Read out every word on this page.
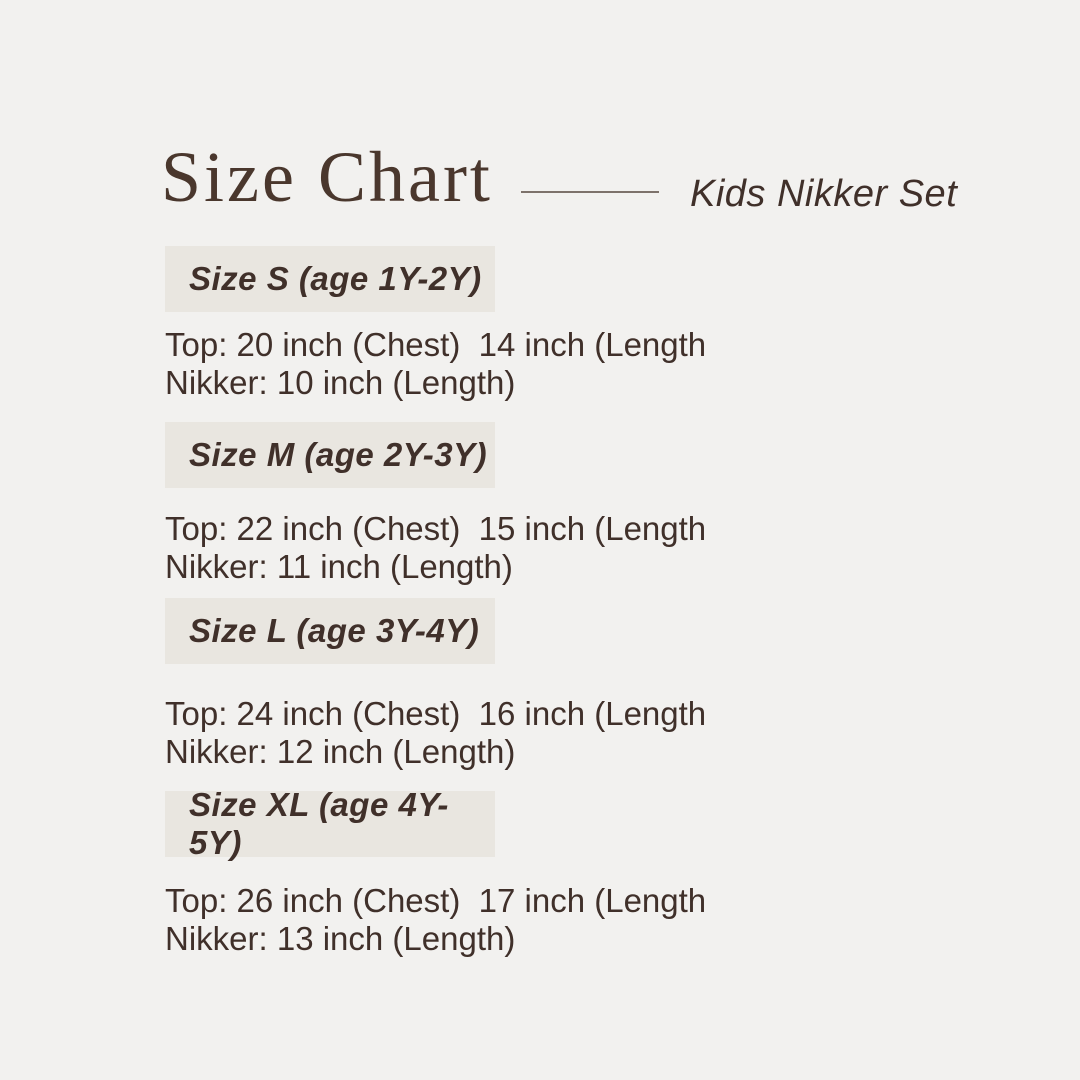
Size Chart	Kids Nikker Set
Size S (age 1Y-2Y)
Top: 20 inch (Chest)  14 inch (Length
Nikker: 10 inch (Length)
Size M (age 2Y-3Y)
Top: 22 inch (Chest)  15 inch (Length
Nikker: 11 inch (Length)
Size L (age 3Y-4Y)
Top: 24 inch (Chest)  16 inch (Length
Nikker: 12 inch (Length)
Size XL (age 4Y-5Y)
Top: 26 inch (Chest)  17 inch (Length
Nikker: 13 inch (Length)
